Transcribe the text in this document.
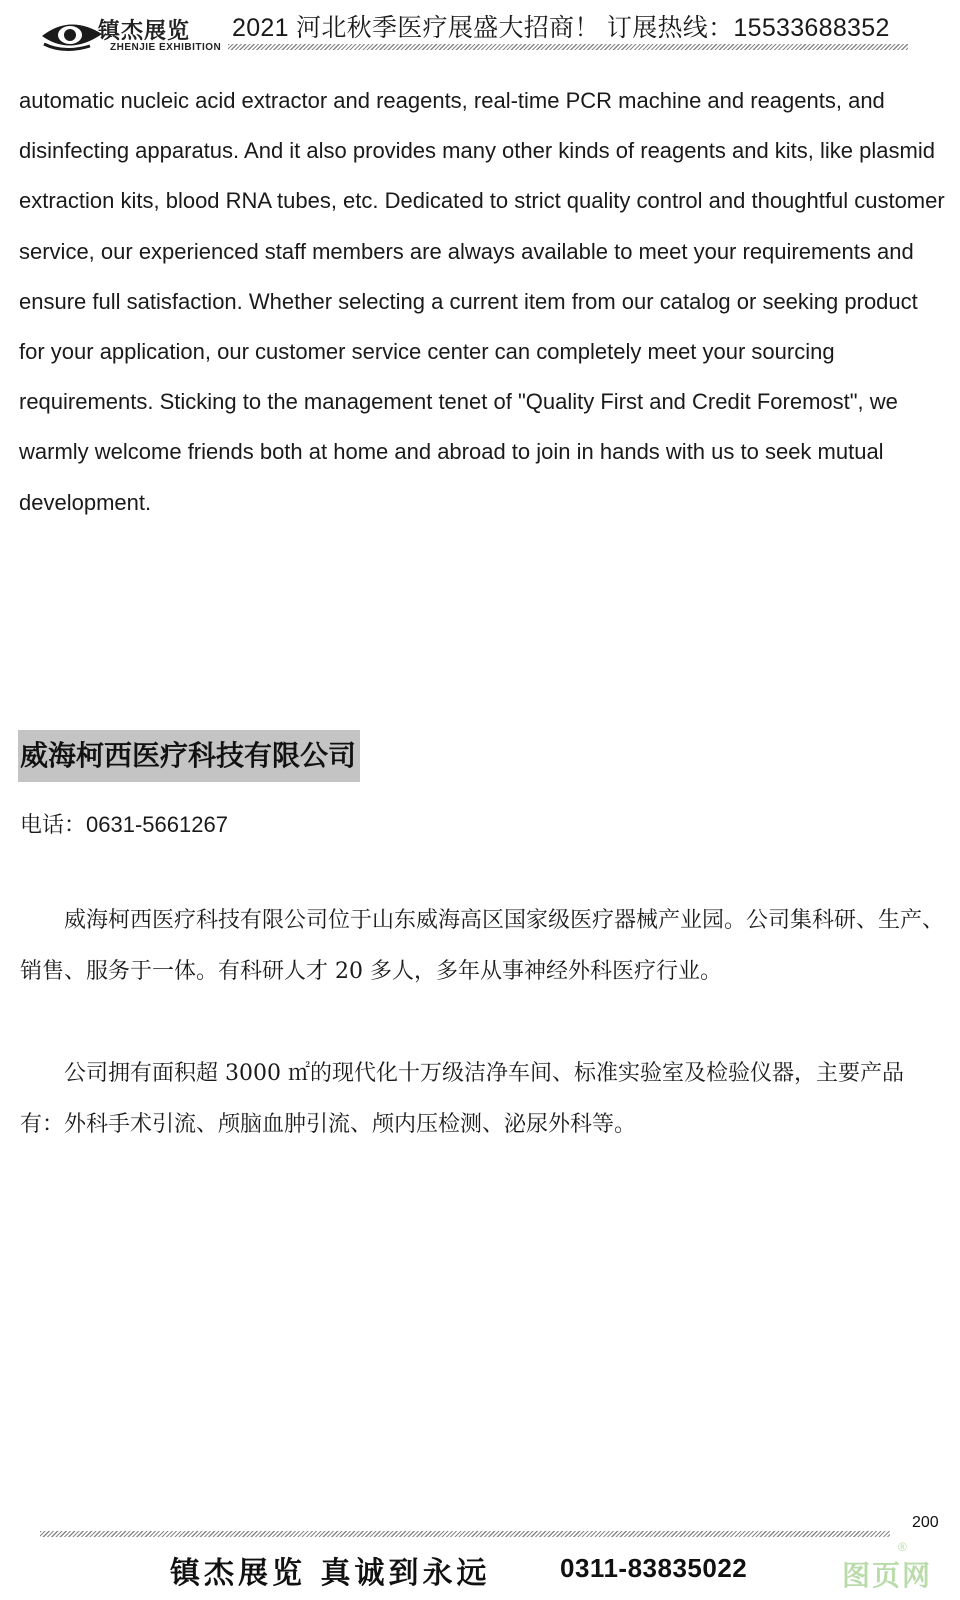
镇杰展览
ZHENJIE EXHIBITION
2021 河北秋季医疗展盛大招商！ 订展热线：15533688352

automatic nucleic acid extractor and reagents, real-time PCR machine and reagents, and disinfecting apparatus. And it also provides many other kinds of reagents and kits, like plasmid extraction kits, blood RNA tubes, etc. Dedicated to strict quality control and thoughtful customer service, our experienced staff members are always available to meet your requirements and ensure full satisfaction. Whether selecting a current item from our catalog or seeking product for your application, our customer service center can completely meet your sourcing requirements. Sticking to the management tenet of "Quality First and Credit Foremost", we warmly welcome friends both at home and abroad to join in hands with us to seek mutual development.

威海柯西医疗科技有限公司
电话：0631-5661267

威海柯西医疗科技有限公司位于山东威海高区国家级医疗器械产业园。公司集科研、生产、销售、服务于一体。有科研人才 20 多人，多年从事神经外科医疗行业。

公司拥有面积超 3000 ㎡的现代化十万级洁净车间、标准实验室及检验仪器，主要产品有：外科手术引流、颅脑血肿引流、颅内压检测、泌尿外科等。

200
镇杰展览 真诚到永远	0311-83835022	图页网
®
